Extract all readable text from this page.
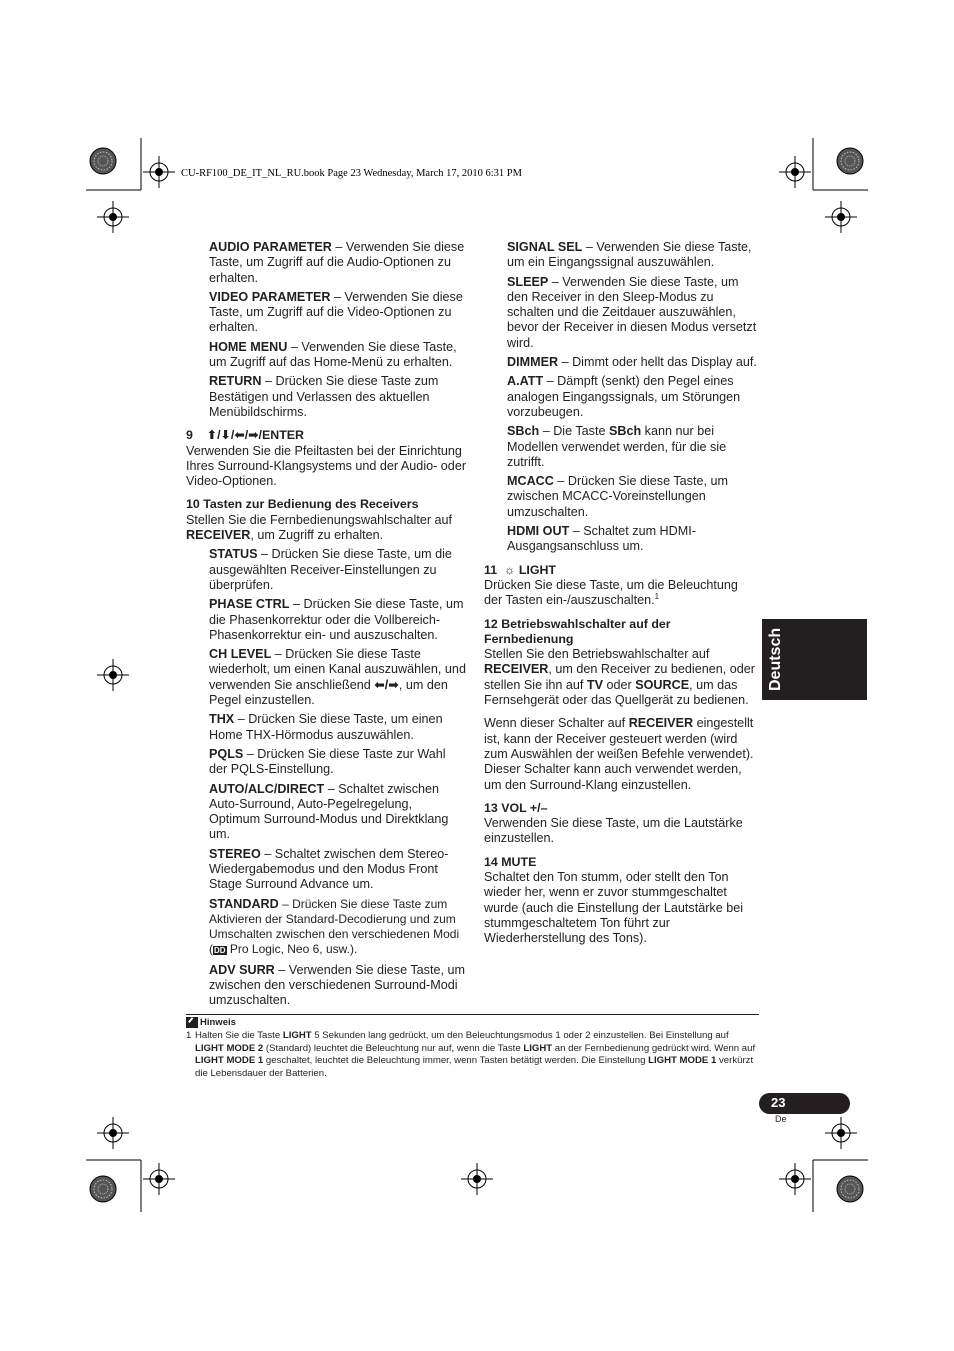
CU-RF100_DE_IT_NL_RU.book Page 23 Wednesday, March 17, 2010 6:31 PM
AUDIO PARAMETER – Verwenden Sie diese Taste, um Zugriff auf die Audio-Optionen zu erhalten.
VIDEO PARAMETER – Verwenden Sie diese Taste, um Zugriff auf die Video-Optionen zu erhalten.
HOME MENU – Verwenden Sie diese Taste, um Zugriff auf das Home-Menü zu erhalten.
RETURN – Drücken Sie diese Taste zum Bestätigen und Verlassen des aktuellen Menübildschirms.
9 ⬆/⬇/⬅/➡/ENTER
Verwenden Sie die Pfeiltasten bei der Einrichtung Ihres Surround-Klangsystems und der Audio- oder Video-Optionen.
10 Tasten zur Bedienung des Receivers
Stellen Sie die Fernbedienungswahlschalter auf RECEIVER, um Zugriff zu erhalten.
STATUS – Drücken Sie diese Taste, um die ausgewählten Receiver-Einstellungen zu überprüfen.
PHASE CTRL – Drücken Sie diese Taste, um die Phasenkorrektur oder die Vollbereich-Phasenkorrektur ein- und auszuschalten.
CH LEVEL – Drücken Sie diese Taste wiederholt, um einen Kanal auszuwählen, und verwenden Sie anschließend ⬅/➡, um den Pegel einzustellen.
THX – Drücken Sie diese Taste, um einen Home THX-Hörmodus auszuwählen.
PQLS – Drücken Sie diese Taste zur Wahl der PQLS-Einstellung.
AUTO/ALC/DIRECT – Schaltet zwischen Auto-Surround, Auto-Pegelregelung, Optimum Surround-Modus und Direktklang um.
STEREO – Schaltet zwischen dem Stereo-Wiedergabemodus und den Modus Front Stage Surround Advance um.
STANDARD – Drücken Sie diese Taste zum Aktivieren der Standard-Decodierung und zum Umschalten zwischen den verschiedenen Modi (DD Pro Logic, Neo 6, usw.).
ADV SURR – Verwenden Sie diese Taste, um zwischen den verschiedenen Surround-Modi umzuschalten.
SIGNAL SEL – Verwenden Sie diese Taste, um ein Eingangssignal auszuwählen.
SLEEP – Verwenden Sie diese Taste, um den Receiver in den Sleep-Modus zu schalten und die Zeitdauer auszuwählen, bevor der Receiver in diesen Modus versetzt wird.
DIMMER – Dimmt oder hellt das Display auf.
A.ATT – Dämpft (senkt) den Pegel eines analogen Eingangssignals, um Störungen vorzubeugen.
SBch – Die Taste SBch kann nur bei Modellen verwendet werden, für die sie zutrifft.
MCACC – Drücken Sie diese Taste, um zwischen MCACC-Voreinstellungen umzuschalten.
HDMI OUT – Schaltet zum HDMI-Ausgangsanschluss um.
11 ☼ LIGHT
Drücken Sie diese Taste, um die Beleuchtung der Tasten ein-/auszuschalten.$^1$
12 Betriebswahlschalter auf der Fernbedienung
Stellen Sie den Betriebswahlschalter auf RECEIVER, um den Receiver zu bedienen, oder stellen Sie ihn auf TV oder SOURCE, um das Fernsehgerät oder das Quellgerät zu bedienen.
Wenn dieser Schalter auf RECEIVER eingestellt ist, kann der Receiver gesteuert werden (wird zum Auswählen der weißen Befehle verwendet). Dieser Schalter kann auch verwendet werden, um den Surround-Klang einzustellen.
13 VOL +/–
Verwenden Sie diese Taste, um die Lautstärke einzustellen.
14 MUTE
Schaltet den Ton stumm, oder stellt den Ton wieder her, wenn er zuvor stummgeschaltet wurde (auch die Einstellung der Lautstärke bei stummgeschaltetem Ton führt zur Wiederherstellung des Tons).
Deutsch
Hinweis
1 Halten Sie die Taste LIGHT 5 Sekunden lang gedrückt, um den Beleuchtungsmodus 1 oder 2 einzustellen. Bei Einstellung auf LIGHT MODE 2 (Standard) leuchtet die Beleuchtung nur auf, wenn die Taste LIGHT an der Fernbedienung gedrückt wird. Wenn auf LIGHT MODE 1 geschaltet, leuchtet die Beleuchtung immer, wenn Tasten betätigt werden. Die Einstellung LIGHT MODE 1 verkürzt die Lebensdauer der Batterien.
23
De
